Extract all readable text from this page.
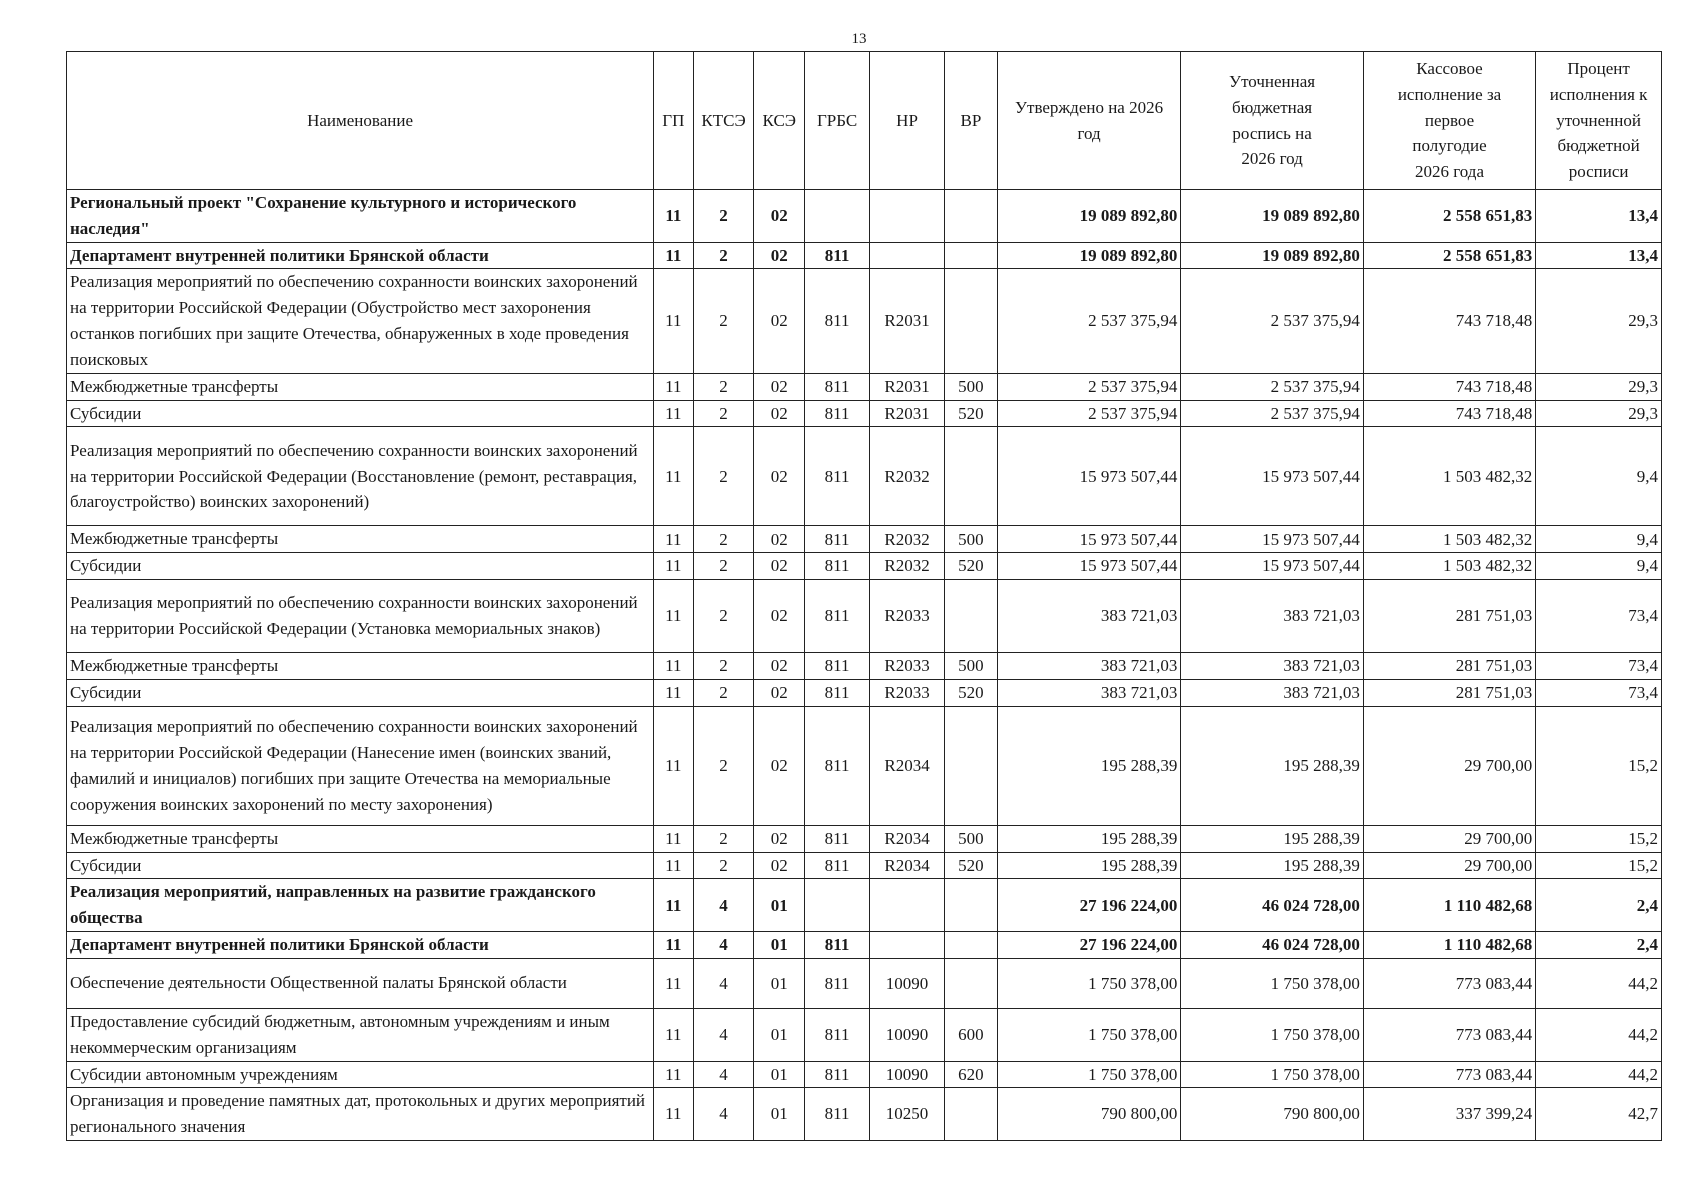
13
Наименование	ГП	КТСЭ	КСЭ	ГРБС	НР	ВР	Утверждено на 2026 год	Уточненная бюджетная роспись на 2026 год	Кассовое исполнение за первое полугодие 2026 года	Процент исполнения к уточненной бюджетной росписи
Региональный проект "Сохранение культурного и исторического наследия"	11	2	02				19 089 892,80	19 089 892,80	2 558 651,83	13,4
Департамент внутренней политики Брянской области	11	2	02	811			19 089 892,80	19 089 892,80	2 558 651,83	13,4
Реализация мероприятий по обеспечению сохранности воинских захоронений на территории Российской Федерации (Обустройство мест захоронения останков погибших при защите Отечества, обнаруженных в ходе проведения поисковых	11	2	02	811	R2031		2 537 375,94	2 537 375,94	743 718,48	29,3
Межбюджетные трансферты	11	2	02	811	R2031	500	2 537 375,94	2 537 375,94	743 718,48	29,3
Субсидии	11	2	02	811	R2031	520	2 537 375,94	2 537 375,94	743 718,48	29,3
Реализация мероприятий по обеспечению сохранности воинских захоронений на территории Российской Федерации (Восстановление (ремонт, реставрация, благоустройство) воинских захоронений)	11	2	02	811	R2032		15 973 507,44	15 973 507,44	1 503 482,32	9,4
Межбюджетные трансферты	11	2	02	811	R2032	500	15 973 507,44	15 973 507,44	1 503 482,32	9,4
Субсидии	11	2	02	811	R2032	520	15 973 507,44	15 973 507,44	1 503 482,32	9,4
Реализация мероприятий по обеспечению сохранности воинских захоронений на территории Российской Федерации (Установка мемориальных знаков)	11	2	02	811	R2033		383 721,03	383 721,03	281 751,03	73,4
Межбюджетные трансферты	11	2	02	811	R2033	500	383 721,03	383 721,03	281 751,03	73,4
Субсидии	11	2	02	811	R2033	520	383 721,03	383 721,03	281 751,03	73,4
Реализация мероприятий по обеспечению сохранности воинских захоронений на территории Российской Федерации (Нанесение имен (воинских званий, фамилий и инициалов) погибших при защите Отечества на мемориальные сооружения воинских захоронений по месту захоронения)	11	2	02	811	R2034		195 288,39	195 288,39	29 700,00	15,2
Межбюджетные трансферты	11	2	02	811	R2034	500	195 288,39	195 288,39	29 700,00	15,2
Субсидии	11	2	02	811	R2034	520	195 288,39	195 288,39	29 700,00	15,2
Реализация мероприятий, направленных на развитие гражданского общества	11	4	01				27 196 224,00	46 024 728,00	1 110 482,68	2,4
Департамент внутренней политики Брянской области	11	4	01	811			27 196 224,00	46 024 728,00	1 110 482,68	2,4
Обеспечение деятельности Общественной палаты Брянской области	11	4	01	811	10090		1 750 378,00	1 750 378,00	773 083,44	44,2
Предоставление субсидий бюджетным, автономным учреждениям и иным некоммерческим организациям	11	4	01	811	10090	600	1 750 378,00	1 750 378,00	773 083,44	44,2
Субсидии автономным учреждениям	11	4	01	811	10090	620	1 750 378,00	1 750 378,00	773 083,44	44,2
Организация и проведение памятных дат, протокольных и других мероприятий регионального значения	11	4	01	811	10250		790 800,00	790 800,00	337 399,24	42,7
